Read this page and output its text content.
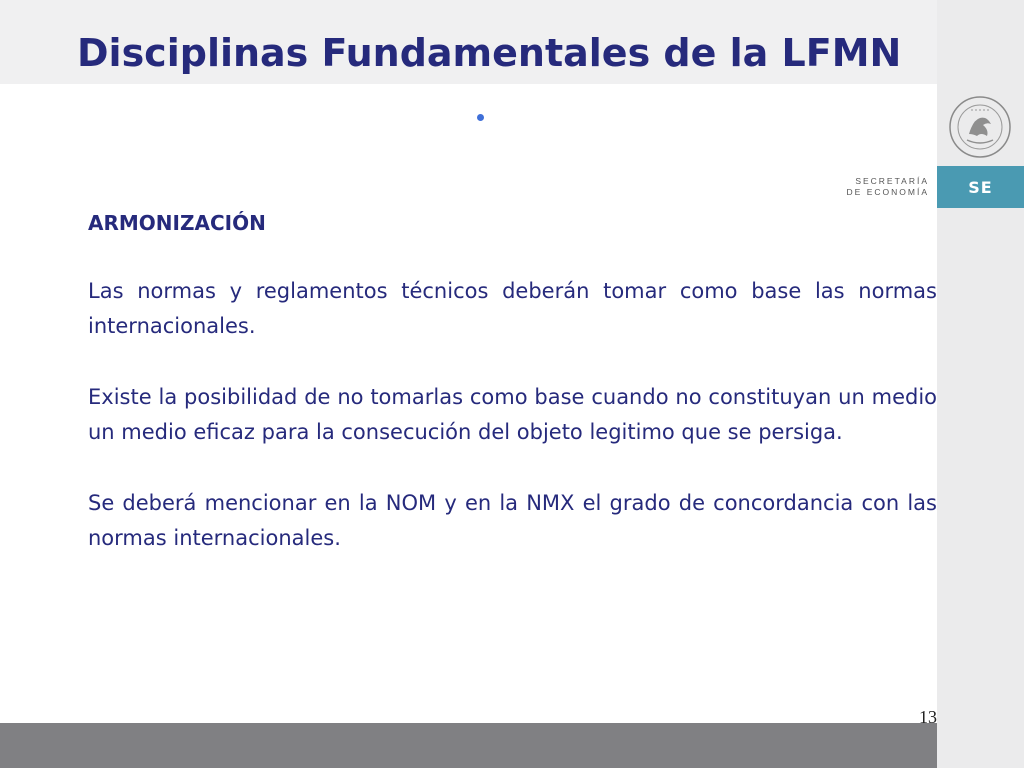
Disciplinas Fundamentales de la LFMN
SECRETARÍA
DE ECONOMÍA SE

ARMONIZACIÓN

Las normas y reglamentos técnicos deberán tomar como base las normas internacionales.

Existe la posibilidad de no tomarlas como base cuando no constituyan un medio un medio eficaz para la consecución del objeto legitimo que se persiga.

Se deberá mencionar en la NOM y en la NMX el grado de concordancia con las normas internacionales.

13
